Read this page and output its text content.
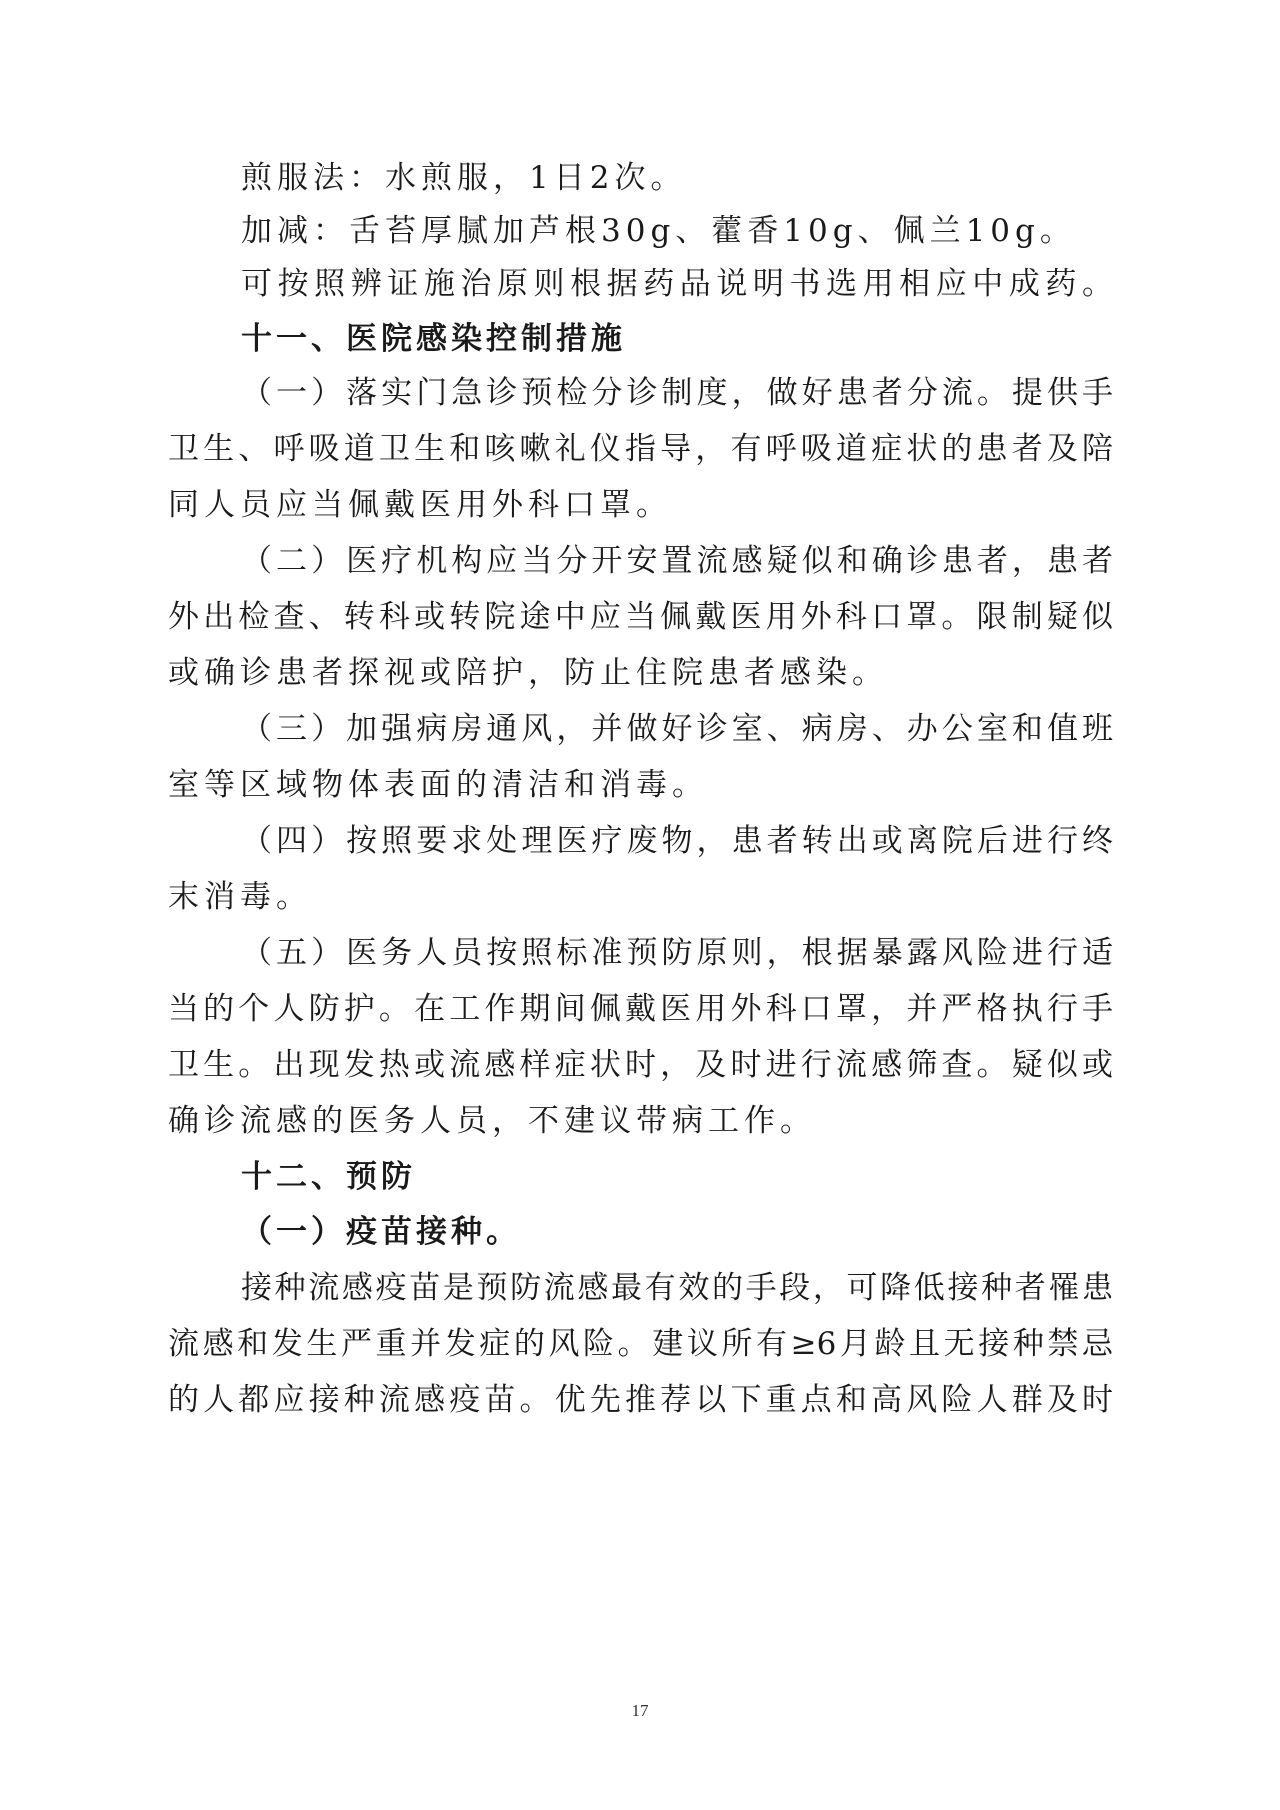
煎服法：水煎服，1日2次。
加减：舌苔厚腻加芦根30g、藿香10g、佩兰10g。
可按照辨证施治原则根据药品说明书选用相应中成药。
十一、医院感染控制措施
（一）落实门急诊预检分诊制度，做好患者分流。提供手
卫生、呼吸道卫生和咳嗽礼仪指导，有呼吸道症状的患者及陪
同人员应当佩戴医用外科口罩。
（二）医疗机构应当分开安置流感疑似和确诊患者，患者
外出检查、转科或转院途中应当佩戴医用外科口罩。限制疑似
或确诊患者探视或陪护，防止住院患者感染。
（三）加强病房通风，并做好诊室、病房、办公室和值班
室等区域物体表面的清洁和消毒。
（四）按照要求处理医疗废物，患者转出或离院后进行终
末消毒。
（五）医务人员按照标准预防原则，根据暴露风险进行适
当的个人防护。在工作期间佩戴医用外科口罩，并严格执行手
卫生。出现发热或流感样症状时，及时进行流感筛查。疑似或
确诊流感的医务人员，不建议带病工作。
十二、预防
（一）疫苗接种。
接种流感疫苗是预防流感最有效的手段，可降低接种者罹患
流感和发生严重并发症的风险。建议所有≥6月龄且无接种禁忌
的人都应接种流感疫苗。优先推荐以下重点和高风险人群及时
17
